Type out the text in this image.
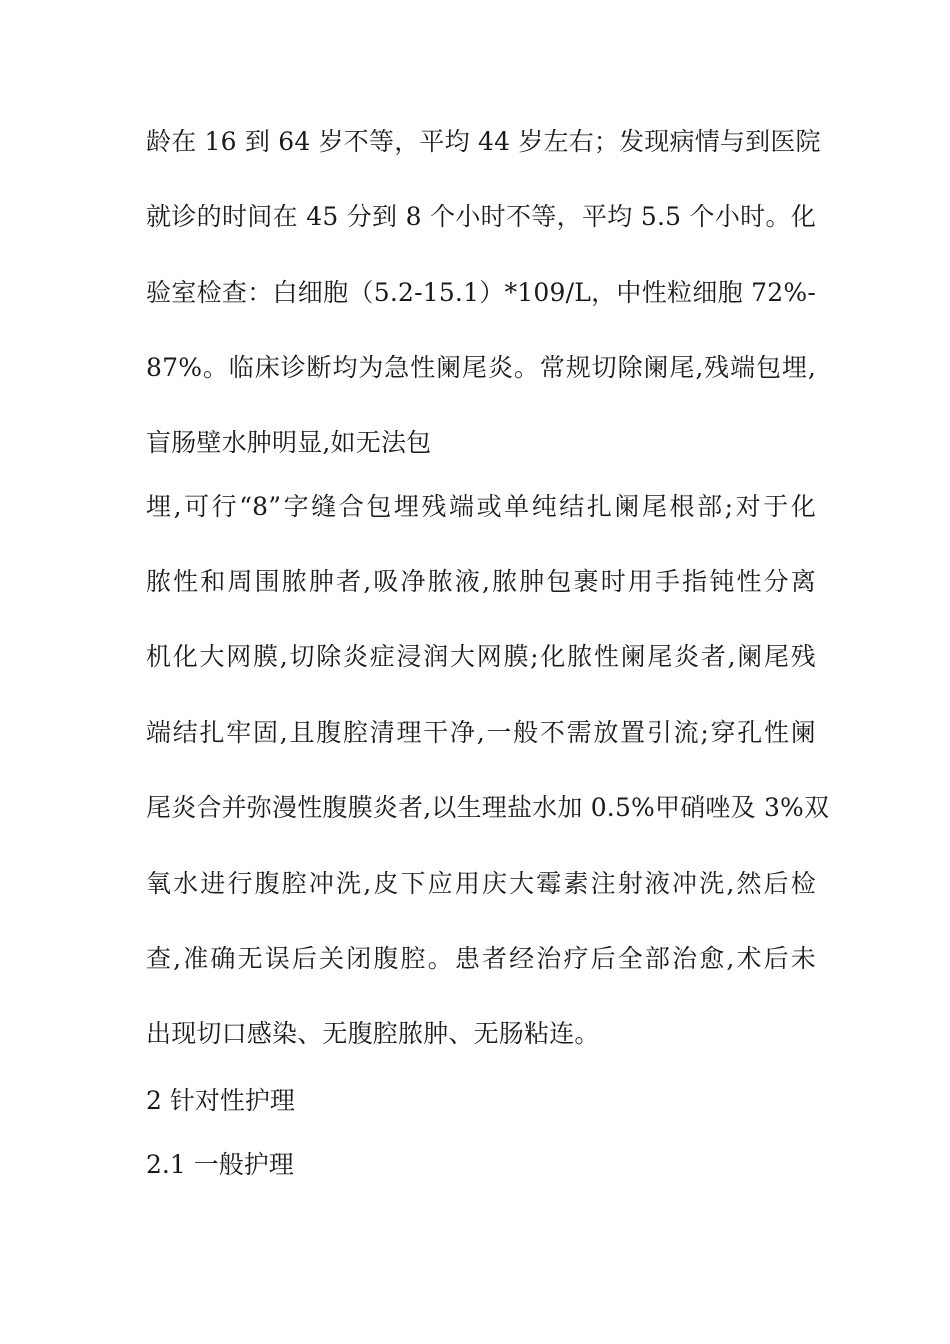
龄在 16 到 64 岁不等，平均 44 岁左右；发现病情与到医院
就诊的时间在 45 分到 8 个小时不等，平均 5.5 个小时。化
验室检查：白细胞（5.2-15.1）*109/L，中性粒细胞 72%-
87%。临床诊断均为急性阑尾炎。常规切除阑尾,残端包埋,
盲肠壁水肿明显,如无法包
埋,可行“8”字缝合包埋残端或单纯结扎阑尾根部;对于化
脓性和周围脓肿者,吸净脓液,脓肿包裹时用手指钝性分离
机化大网膜,切除炎症浸润大网膜;化脓性阑尾炎者,阑尾残
端结扎牢固,且腹腔清理干净,一般不需放置引流;穿孔性阑
尾炎合并弥漫性腹膜炎者,以生理盐水加 0.5%甲硝唑及 3%双
氧水进行腹腔冲洗,皮下应用庆大霉素注射液冲洗,然后检
查,准确无误后关闭腹腔。患者经治疗后全部治愈,术后未
出现切口感染、无腹腔脓肿、无肠粘连。
2 针对性护理
2.1 一般护理
